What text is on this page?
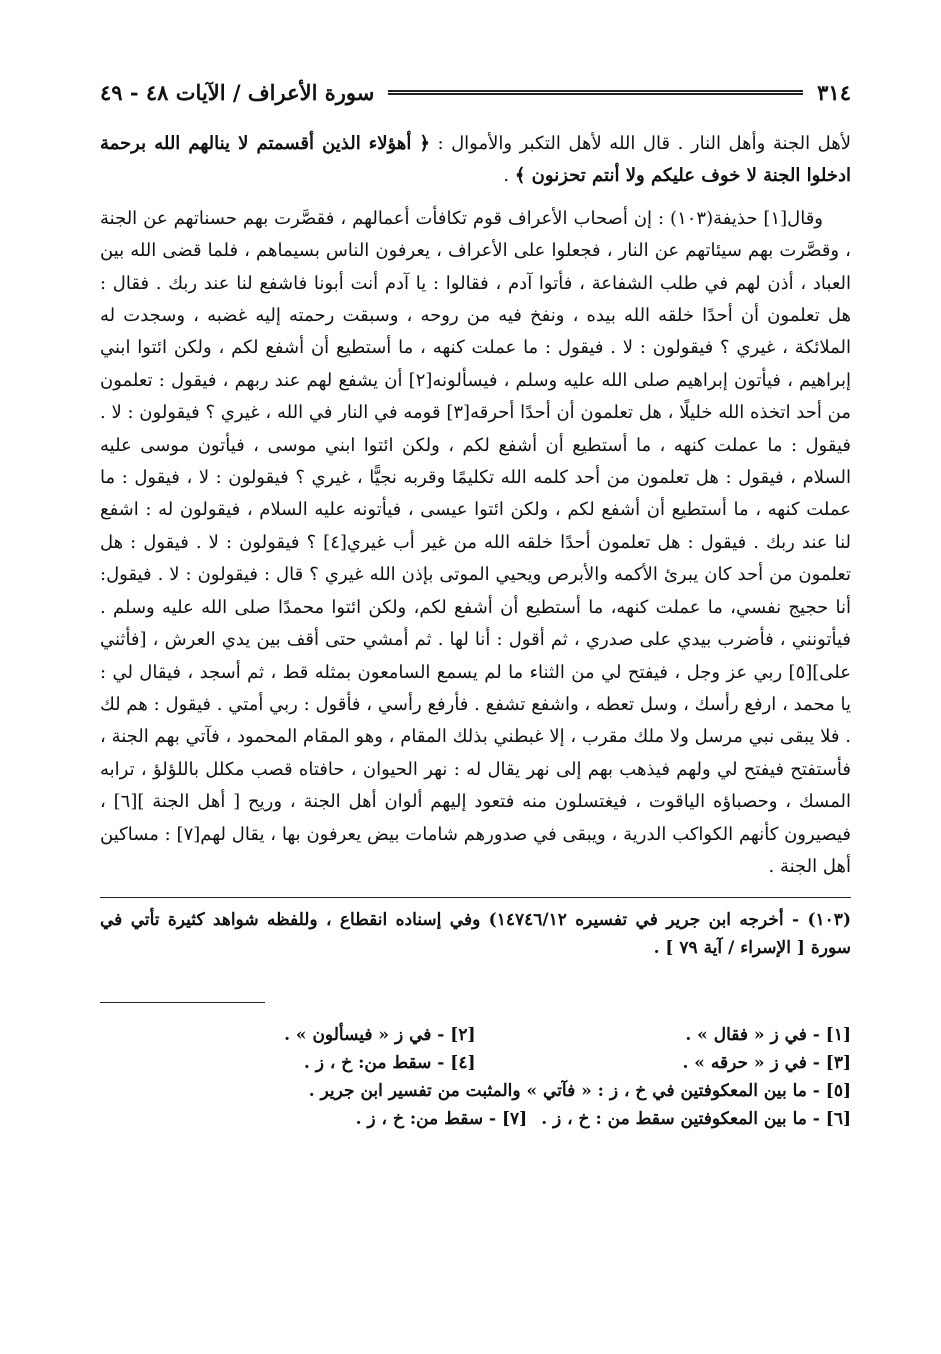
٣١٤
سورة الأعراف / الآيات ٤٨ - ٤٩

لأهل الجنة وأهل النار . قال الله لأهل التكبر والأموال : ﴿ أهؤلاء الذين أقسمتم لا ينالهم الله برحمة ادخلوا الجنة لا خوف عليكم ولا أنتم تحزنون ﴾ .

وقال[١] حذيفة(١٠٣) : إن أصحاب الأعراف قوم تكافأت أعمالهم ، فقصَّرت بهم حسناتهم عن الجنة ، وقصَّرت بهم سيئاتهم عن النار ، فجعلوا على الأعراف ، يعرفون الناس بسيماهم ، فلما قضى الله بين العباد ، أذن لهم في طلب الشفاعة ، فأتوا آدم ، فقالوا : يا آدم أنت أبونا فاشفع لنا عند ربك . فقال : هل تعلمون أن أحدًا خلقه الله بيده ، ونفخ فيه من روحه ، وسبقت رحمته إليه غضبه ، وسجدت له الملائكة ، غيري ؟ فيقولون : لا . فيقول : ما عملت كنهه ، ما أستطيع أن أشفع لكم ، ولكن ائتوا ابني إبراهيم ، فيأتون إبراهيم صلى الله عليه وسلم ، فيسألونه[٢] أن يشفع لهم عند ربهم ، فيقول : تعلمون من أحد اتخذه الله خليلًا ، هل تعلمون أن أحدًا أحرقه[٣] قومه في النار في الله ، غيري ؟ فيقولون : لا . فيقول : ما عملت كنهه ، ما أستطيع أن أشفع لكم ، ولكن ائتوا ابني موسى ، فيأتون موسى عليه السلام ، فيقول : هل تعلمون من أحد كلمه الله تكليمًا وقربه نجيًّا ، غيري ؟ فيقولون : لا ، فيقول : ما عملت كنهه ، ما أستطيع أن أشفع لكم ، ولكن ائتوا عيسى ، فيأتونه عليه السلام ، فيقولون له : اشفع لنا عند ربك . فيقول : هل تعلمون أحدًا خلقه الله من غير أب غيري[٤] ؟ فيقولون : لا . فيقول : هل تعلمون من أحد كان يبرئ الأكمه والأبرص ويحيي الموتى بإذن الله غيري ؟ قال : فيقولون : لا . فيقول: أنا حجيج نفسي، ما عملت كنهه، ما أستطيع أن أشفع لكم، ولكن ائتوا محمدًا صلى الله عليه وسلم . فيأتونني ، فأضرب بيدي على صدري ، ثم أقول : أنا لها . ثم أمشي حتى أقف بين يدي العرش ، [فأثني على][٥] ربي عز وجل ، فيفتح لي من الثناء ما لم يسمع السامعون بمثله قط ، ثم أسجد ، فيقال لي : يا محمد ، ارفع رأسك ، وسل تعطه ، واشفع تشفع . فأرفع رأسي ، فأقول : ربي أمتي . فيقول : هم لك . فلا يبقى نبي مرسل ولا ملك مقرب ، إلا غبطني بذلك المقام ، وهو المقام المحمود ، فآتي بهم الجنة ، فأستفتح فيفتح لي ولهم فيذهب بهم إلى نهر يقال له : نهر الحيوان ، حافتاه قصب مكلل باللؤلؤ ، ترابه المسك ، وحصباؤه الياقوت ، فيغتسلون منه فتعود إليهم ألوان أهل الجنة ، وريح [ أهل الجنة ][٦] ، فيصيرون كأنهم الكواكب الدرية ، ويبقى في صدورهم شامات بيض يعرفون بها ، يقال لهم[٧] : مساكين أهل الجنة .

(١٠٣) - أخرجه ابن جرير في تفسيره ١٤٧٤٦/١٢) وفي إسناده انقطاع ، وللفظه شواهد كثيرة تأتي في سورة [ الإسراء / آية ٧٩ ] .
[١] - في ز « فقال » .
[٢] - في ز « فيسألون » .
[٣] - في ز « حرقه » .
[٤] - سقط من: خ ، ز .
[٥] - ما بين المعكوفتين في خ ، ز : « فآتي » والمثبت من تفسير ابن جرير .
[٦] - ما بين المعكوفتين سقط من : خ ، ز .
[٧] - سقط من: خ ، ز .
